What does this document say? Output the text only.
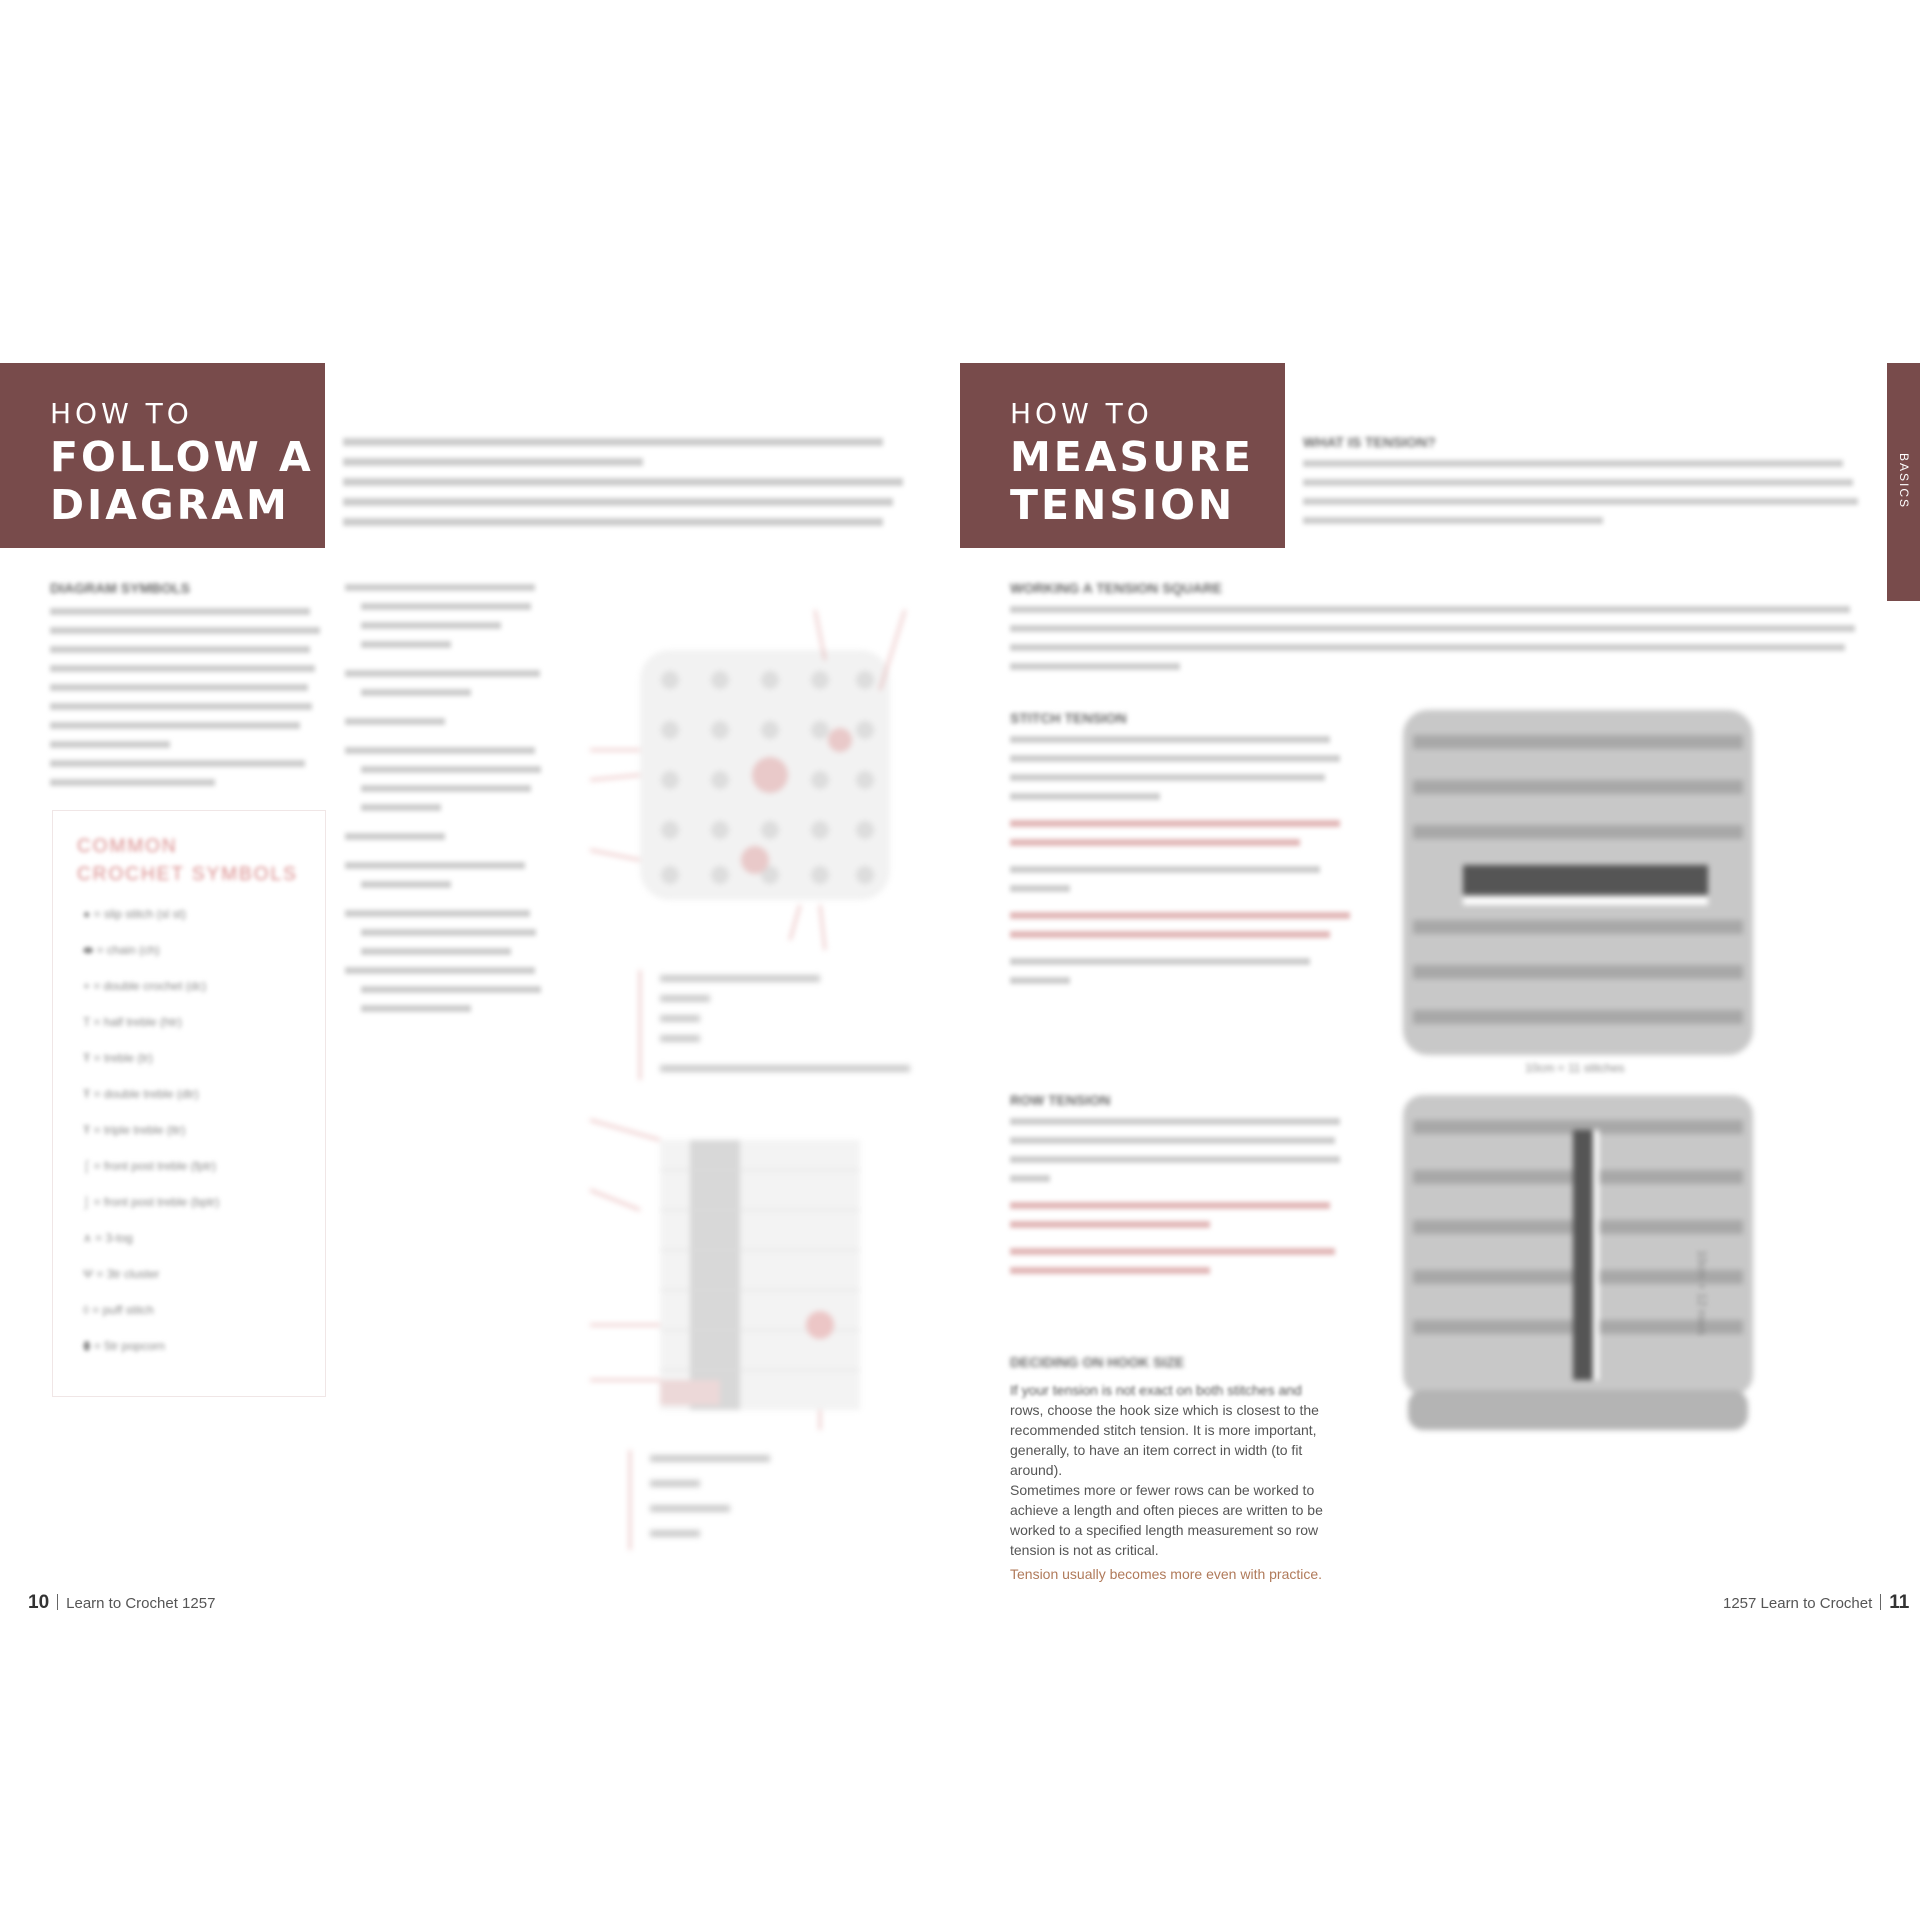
HOW TO
FOLLOW A
DIAGRAM
DIAGRAM SYMBOLS
COMMON
CROCHET SYMBOLS
● = slip stitch (sl st)
⬬ = chain (ch)
+ = double crochet (dc)
T = half treble (htr)
Ŧ = treble (tr)
Ŧ = double treble (dtr)
Ŧ = triple treble (ttr)
⌠ = front post treble (fptr)
⌡ = front post treble (bptr)
∧ = 3-tog
Ψ = 3tr cluster
◊ = puff stitch
⬮ = 5tr popcorn
10 Learn to Crochet 1257
HOW TO
MEASURE
TENSION	BASICS
WHAT IS TENSION?
WORKING A TENSION SQUARE
STITCH TENSION
ROW TENSION
DECIDING ON HOOK SIZE
If your tension is not exact on both stitches and
rows, choose the hook size which is closest to the
recommended stitch tension. It is more important,
generally, to have an item correct in width (to fit around).
Sometimes more or fewer rows can be worked to
achieve a length and often pieces are written to be
worked to a specified length measurement so row
tension is not as critical.
Tension usually becomes more even with practice.
10cm = 11 stitches
10cm = 12 rows
1257 Learn to Crochet 11
